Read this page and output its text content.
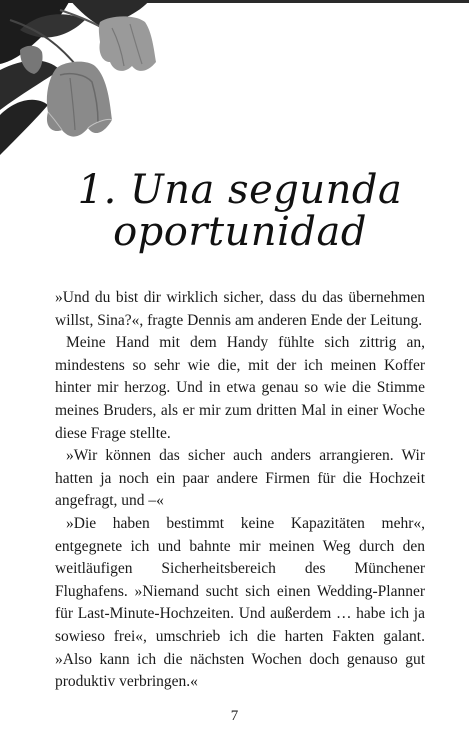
1. Una segunda
oportunidad

»Und du bist dir wirklich sicher, dass du das übernehmen willst, Sina?«, fragte Dennis am anderen Ende der Leitung.

Meine Hand mit dem Handy fühlte sich zittrig an, mindestens so sehr wie die, mit der ich meinen Koffer hinter mir herzog. Und in etwa genau so wie die Stimme meines Bruders, als er mir zum dritten Mal in einer Woche diese Frage stellte.

»Wir können das sicher auch anders arrangieren. Wir hatten ja noch ein paar andere Firmen für die Hochzeit angefragt, und –«

»Die haben bestimmt keine Kapazitäten mehr«, entgegnete ich und bahnte mir meinen Weg durch den weitläufigen Sicherheitsbereich des Münchener Flughafens. »Niemand sucht sich einen Wedding-Planner für Last-Minute-Hochzeiten. Und außerdem … habe ich ja sowieso frei«, umschrieb ich die harten Fakten galant. »Also kann ich die nächsten Wochen doch genauso gut produktiv verbringen.«

7
